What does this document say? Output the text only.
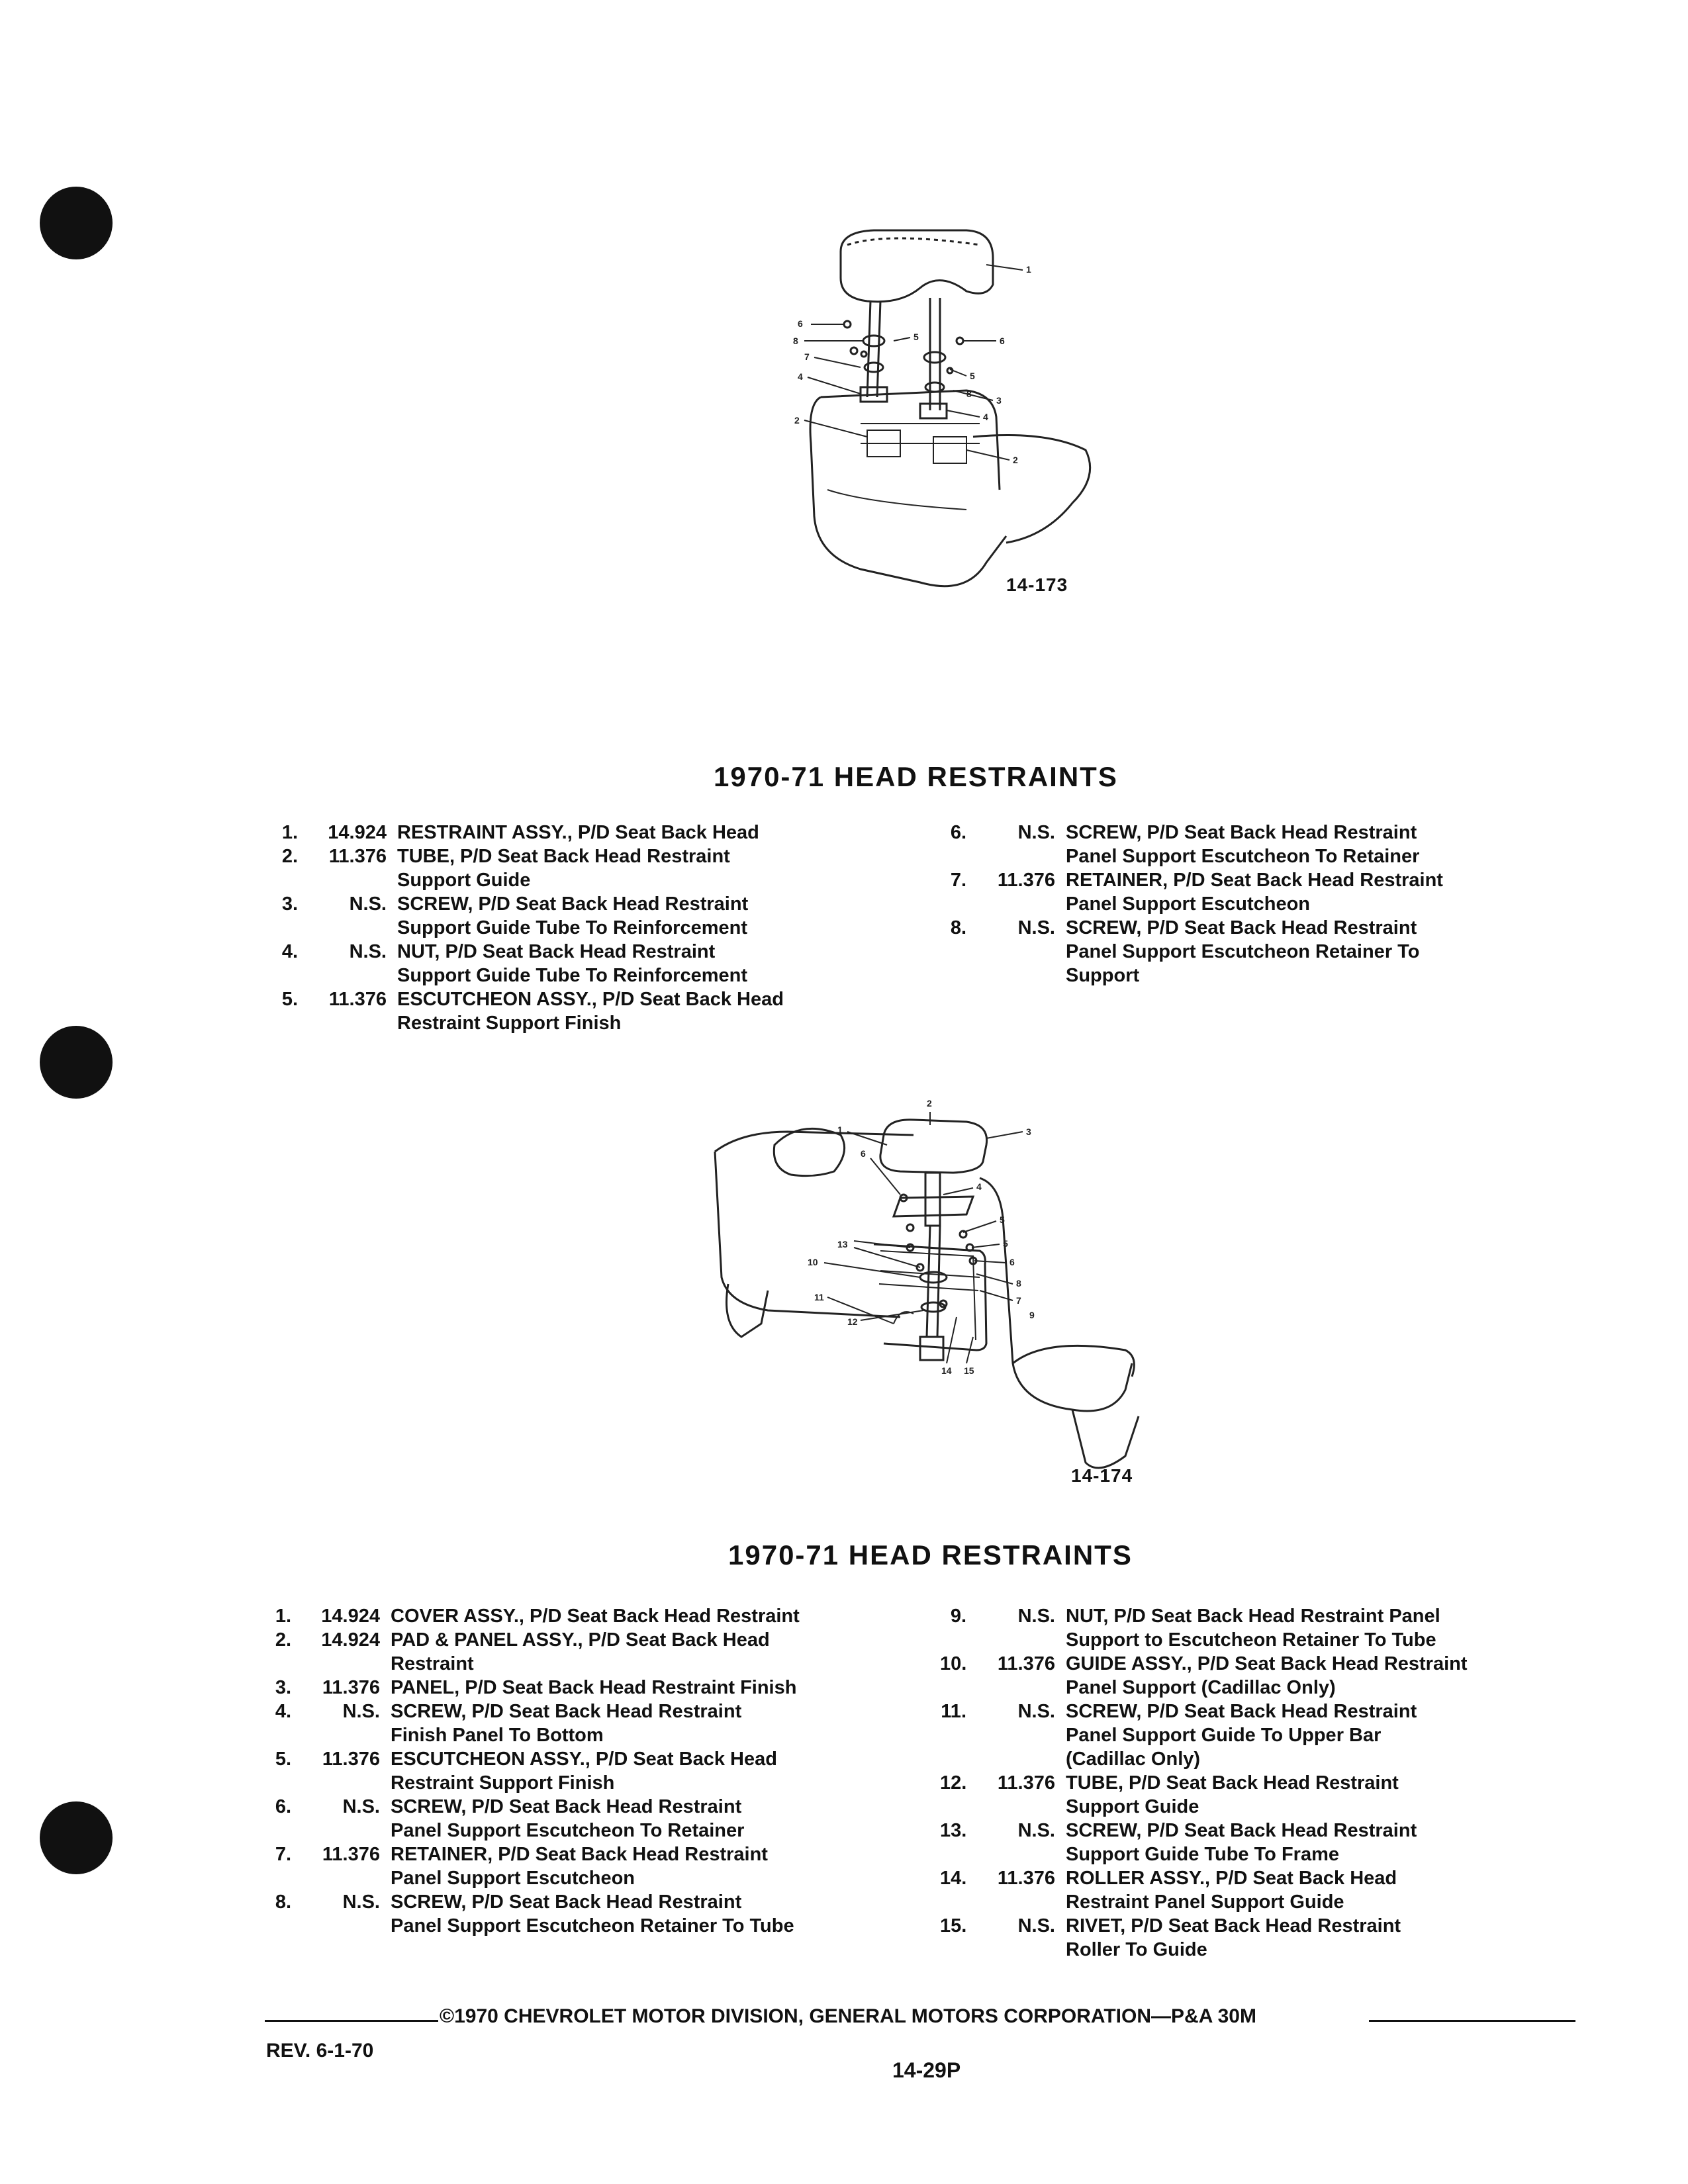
1
6
8	5	6
7
5
4
8
3
4
2
2
14-173
1970-71 HEAD RESTRAINTS
1.	14.924 RESTRAINT ASSY., P/D Seat Back Head
2.	11.376 TUBE, P/D Seat Back Head Restraint
Support Guide
3.	N.S. SCREW, P/D Seat Back Head Restraint
Support Guide Tube To Reinforcement
4.	N.S. NUT, P/D Seat Back Head Restraint
Support Guide Tube To Reinforcement
5.	11.376 ESCUTCHEON ASSY., P/D Seat Back Head
Restraint Support Finish
6.	N.S. SCREW, P/D Seat Back Head Restraint
Panel Support Escutcheon To Retainer
7.	11.376 RETAINER, P/D Seat Back Head Restraint
Panel Support Escutcheon
8.	N.S. SCREW, P/D Seat Back Head Restraint
Panel Support Escutcheon Retainer To
Support
2
1	3
6
4
5
5
6
8
13
7
9
10
11
12
14 15
14-174
1970-71 HEAD RESTRAINTS
1.	14.924 COVER ASSY., P/D Seat Back Head Restraint
2.	14.924 PAD & PANEL ASSY., P/D Seat Back Head
Restraint
3.	11.376 PANEL, P/D Seat Back Head Restraint Finish
4.	N.S. SCREW, P/D Seat Back Head Restraint
Finish Panel To Bottom
5.	11.376 ESCUTCHEON ASSY., P/D Seat Back Head
Restraint Support Finish
6.	N.S. SCREW, P/D Seat Back Head Restraint
Panel Support Escutcheon To Retainer
7.	11.376 RETAINER, P/D Seat Back Head Restraint
Panel Support Escutcheon
8.	N.S. SCREW, P/D Seat Back Head Restraint
Panel Support Escutcheon Retainer To Tube
9.	N.S. NUT, P/D Seat Back Head Restraint Panel
Support to Escutcheon Retainer To Tube
10.	11.376 GUIDE ASSY., P/D Seat Back Head Restraint
Panel Support (Cadillac Only)
11.	N.S. SCREW, P/D Seat Back Head Restraint
Panel Support Guide To Upper Bar
(Cadillac Only)
12.	11.376 TUBE, P/D Seat Back Head Restraint
Support Guide
13.	N.S. SCREW, P/D Seat Back Head Restraint
Support Guide Tube To Frame
14.	11.376 ROLLER ASSY., P/D Seat Back Head
Restraint Panel Support Guide
15.	N.S. RIVET, P/D Seat Back Head Restraint
Roller To Guide
©1970 CHEVROLET MOTOR DIVISION, GENERAL MOTORS CORPORATION—P&A 30M
REV. 6-1-70
14-29P
